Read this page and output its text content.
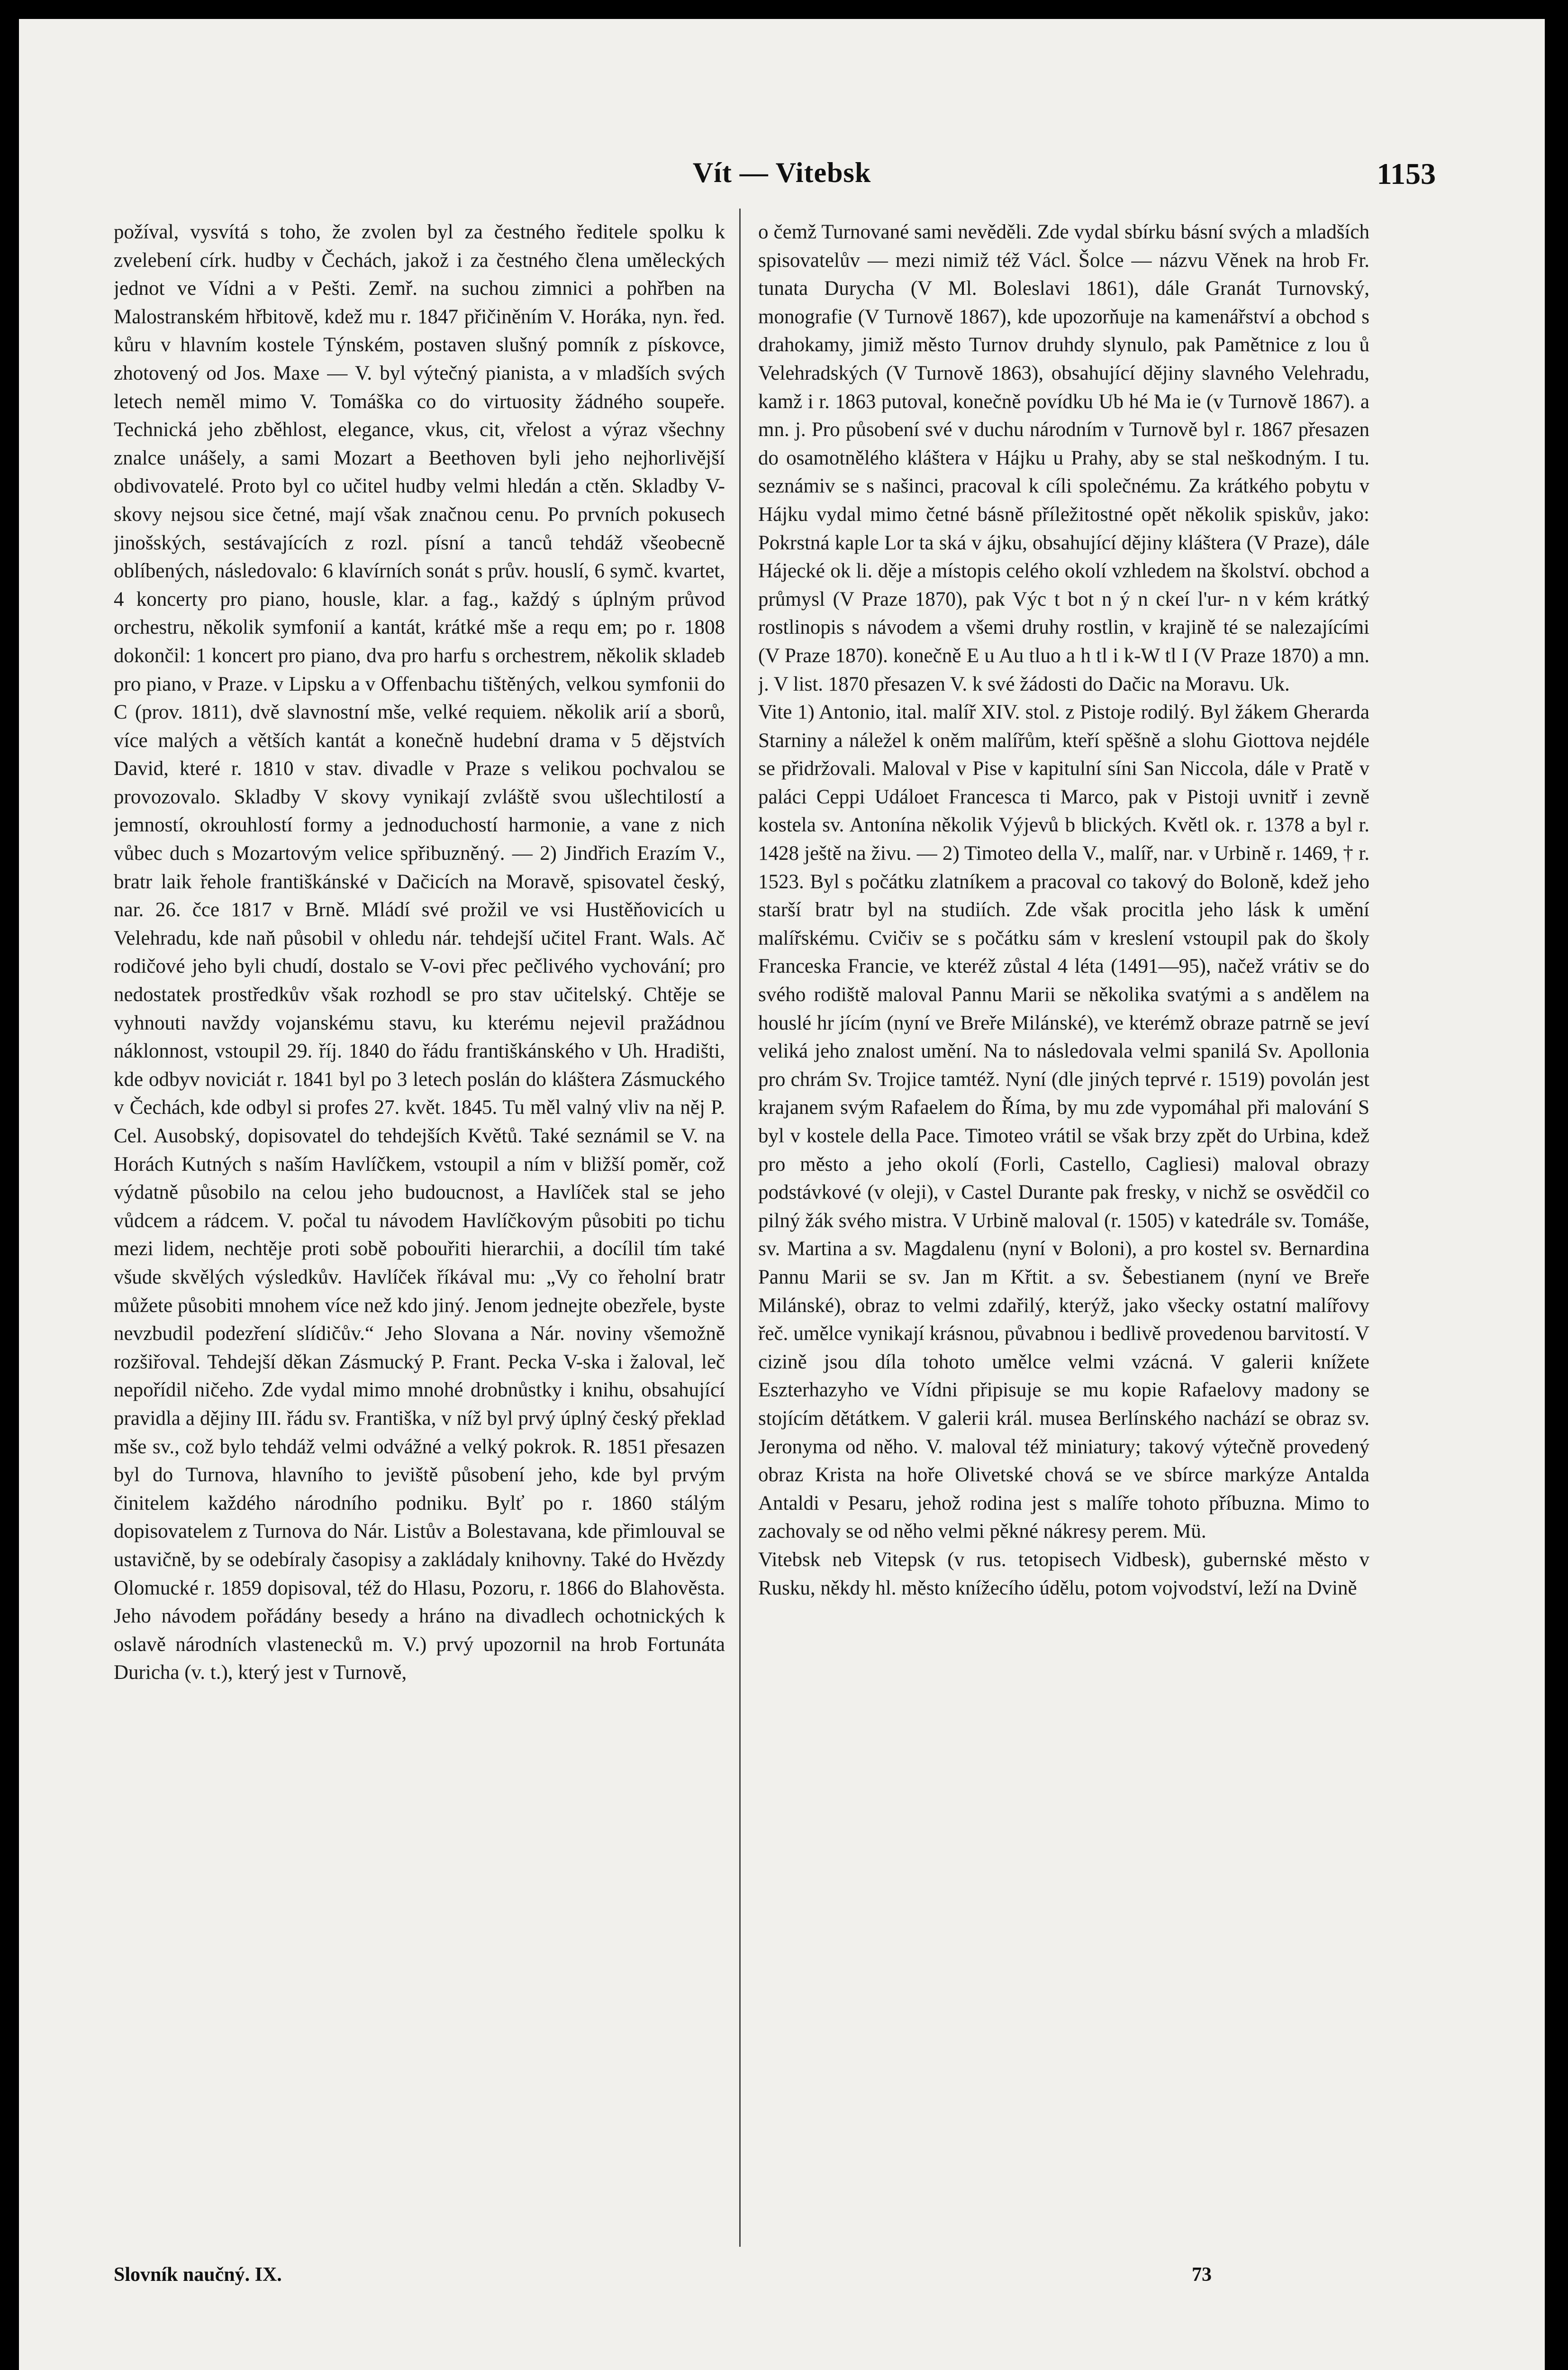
Vít — Vitebsk	1153

požíval, vysvítá s toho, že zvolen byl za čestného ředitele spolku k zvelebení círk. hudby v Čechách, jakož i za čestného člena uměleckých jednot ve Vídni a v Pešti. Zemř. na suchou zimnici a pohřben na Malostranském hřbitově, kdež mu r. 1847 přičiněním V. Horáka, nyn. řed. kůru v hlavním kostele Týnském, postaven slušný pomník z pískovce, zhotovený od Jos. Maxe — V. byl výtečný pianista, a v mladších svých letech neměl mimo V. Tomáška co do virtuosity žádného soupeře. Technická jeho zběhlost, elegance, vkus, cit, vřelost a výraz všechny znalce unášely, a sami Mozart a Beethoven byli jeho nejhorlivější obdivovatelé. Proto byl co učitel hudby velmi hledán a ctěn. Skladby V-skovy nejsou sice četné, mají však značnou cenu. Po prvních pokusech jinošských, sestávajících z rozl. písní a tanců tehdáž všeobecně oblíbených, následovalo: 6 klavírních sonát s prův. houslí, 6 symč. kvartet, 4 koncerty pro piano, housle, klar. a fag., každý s úplným průvod orchestru, několik symfonií a kantát, krátké mše a requ em; po r. 1808 dokončil: 1 koncert pro piano, dva pro harfu s orchestrem, několik skladeb pro piano, v Praze. v Lipsku a v Offenbachu tištěných, velkou symfonii do C (prov. 1811), dvě slavnostní mše, velké requiem. několik arií a sborů, více malých a větších kantát a konečně hudební drama v 5 dějstvích David, které r. 1810 v stav. divadle v Praze s velikou pochvalou se provozovalo. Skladby V skovy vynikají zvláště svou ušlechtilostí a jemností, okrouhlostí formy a jednoduchostí harmonie, a vane z nich vůbec duch s Mozartovým velice spřibuzněný. — 2) Jindřich Erazím V., bratr laik řehole františkánské v Dačicích na Moravě, spisovatel český, nar. 26. čce 1817 v Brně. Mládí své prožil ve vsi Hustěňovicích u Velehradu, kde naň působil v ohledu nár. tehdejší učitel Frant. Wals. Ač rodičové jeho byli chudí, dostalo se V-ovi přec pečlivého vychování; pro nedostatek prostředkův však rozhodl se pro stav učitelský. Chtěje se vyhnouti navždy vojanskému stavu, ku kterému nejevil pražádnou náklonnost, vstoupil 29. říj. 1840 do řádu františkánského v Uh. Hradišti, kde odbyv noviciát r. 1841 byl po 3 letech poslán do kláštera Zásmuckého v Čechách, kde odbyl si profes 27. květ. 1845. Tu měl valný vliv na něj P. Cel. Ausobský, dopisovatel do tehdejších Květů. Také seznámil se V. na Horách Kutných s naším Havlíčkem, vstoupil a ním v bližší poměr, což výdatně působilo na celou jeho budoucnost, a Havlíček stal se jeho vůdcem a rádcem. V. počal tu návodem Havlíčkovým působiti po tichu mezi lidem, nechtěje proti sobě pobouřiti hierarchii, a docílil tím také všude skvělých výsledkův. Havlíček říkával mu: „Vy co řeholní bratr můžete působiti mnohem více než kdo jiný. Jenom jednejte obezřele, byste nevzbudil podezření slídičův.“ Jeho Slovana a Nár. noviny všemožně rozšiřoval. Tehdejší děkan Zásmucký P. Frant. Pecka V-ska i žaloval, leč nepořídil ničeho. Zde vydal mimo mnohé drobnůstky i knihu, obsahující pravidla a dějiny III. řádu sv. Františka, v níž byl prvý úplný český překlad mše sv., což bylo tehdáž velmi odvážné a velký pokrok. R. 1851 přesazen byl do Turnova, hlavního to jeviště působení jeho, kde byl prvým činitelem každého národního podniku. Bylť po r. 1860 stálým dopisovatelem z Turnova do Nár. Listův a Bolestavana, kde přimlouval se ustavičně, by se odebíraly časopisy a zakládaly knihovny. Také do Hvězdy Olomucké r. 1859 dopisoval, též do Hlasu, Pozoru, r. 1866 do Blahověsta. Jeho návodem pořádány besedy a hráno na divadlech ochotnických k oslavě národních vlastenecků m. V.) prvý upozornil na hrob Fortunáta Duricha (v. t.), který jest v Turnově,

o čemž Turnované sami nevěděli. Zde vydal sbírku básní svých a mladších spisovatelův — mezi nimiž též Václ. Šolce — názvu Věnek na hrob Fr. tunata Durycha (V Ml. Boleslavi 1861), dále Granát Turnovský, monografie (V Turnově 1867), kde upozorňuje na kamenářství a obchod s drahokamy, jimiž město Turnov druhdy slynulo, pak Pamětnice z lou ů Velehradských (V Turnově 1863), obsahující dějiny slavného Velehradu, kamž i r. 1863 putoval, konečně povídku Ub hé Ma ie (v Turnově 1867). a mn. j. Pro působení své v duchu národním v Turnově byl r. 1867 přesazen do osamotnělého kláštera v Hájku u Prahy, aby se stal neškodným. I tu. seznámiv se s našinci, pracoval k cíli společnému. Za krátkého pobytu v Hájku vydal mimo četné básně příležitostné opět několik spiskův, jako: Pokrstná kaple Lor ta ská v ájku, obsahující dějiny kláštera (V Praze), dále Hájecké ok li. děje a místopis celého okolí vzhledem na školství. obchod a průmysl (V Praze 1870), pak Výc t bot n ý n ckeí l'ur- n v kém krátký rostlinopis s návodem a všemi druhy rostlin, v krajině té se nalezajícími (V Praze 1870). konečně E u Au tluo a h tl i k-W tl I (V Praze 1870) a mn. j. V list. 1870 přesazen V. k své žádosti do Dačic na Moravu. Uk.

Vite 1) Antonio, ital. malíř XIV. stol. z Pistoje rodilý. Byl žákem Gherarda Starniny a náležel k oněm malířům, kteří spěšně a slohu Giottova nejdéle se přidržovali. Maloval v Pise v kapitulní síni San Niccola, dále v Pratě v paláci Ceppi Událoet Francesca ti Marco, pak v Pistoji uvnitř i zevně kostela sv. Antonína několik Výjevů b blických. Květl ok. r. 1378 a byl r. 1428 ještě na živu. — 2) Timoteo della V., malíř, nar. v Urbině r. 1469, † r. 1523. Byl s počátku zlatníkem a pracoval co takový do Boloně, kdež jeho starší bratr byl na studiích. Zde však procitla jeho lásk k umění malířskému. Cvičiv se s počátku sám v kreslení vstoupil pak do školy Franceska Francie, ve kteréž zůstal 4 léta (1491—95), načež vrátiv se do svého rodiště maloval Pannu Marii se několika svatými a s andělem na houslé hr jícím (nyní ve Breře Milánské), ve kterémž obraze patrně se jeví veliká jeho znalost umění. Na to následovala velmi spanilá Sv. Apollonia pro chrám Sv. Trojice tamtéž. Nyní (dle jiných teprvé r. 1519) povolán jest krajanem svým Rafaelem do Říma, by mu zde vypomáhal při malování S byl v kostele della Pace. Timoteo vrátil se však brzy zpět do Urbina, kdež pro město a jeho okolí (Forli, Castello, Cagliesi) maloval obrazy podstávkové (v oleji), v Castel Durante pak fresky, v nichž se osvědčil co pilný žák svého mistra. V Urbině maloval (r. 1505) v katedrále sv. Tomáše, sv. Martina a sv. Magdalenu (nyní v Boloni), a pro kostel sv. Bernardina Pannu Marii se sv. Jan m Křtit. a sv. Šebestianem (nyní ve Breře Milánské), obraz to velmi zdařilý, kterýž, jako všecky ostatní malířovy řeč. umělce vynikají krásnou, půvabnou i bedlivě provedenou barvitostí. V cizině jsou díla tohoto umělce velmi vzácná. V galerii knížete Eszterhazyho ve Vídni připisuje se mu kopie Rafaelovy madony se stojícím dětátkem. V galerii král. musea Berlínského nachází se obraz sv. Jeronyma od něho. V. maloval též miniatury; takový výtečně provedený obraz Krista na hoře Olivetské chová se ve sbírce markýze Antalda Antaldi v Pesaru, jehož rodina jest s malíře tohoto příbuzna. Mimo to zachovaly se od něho velmi pěkné nákresy perem. Mü.

Vitebsk neb Vitepsk (v rus. tetopisech Vidbesk), gubernské město v Rusku, někdy hl. město knížecího údělu, potom vojvodství, leží na Dvině

Slovník naučný. IX.	73
